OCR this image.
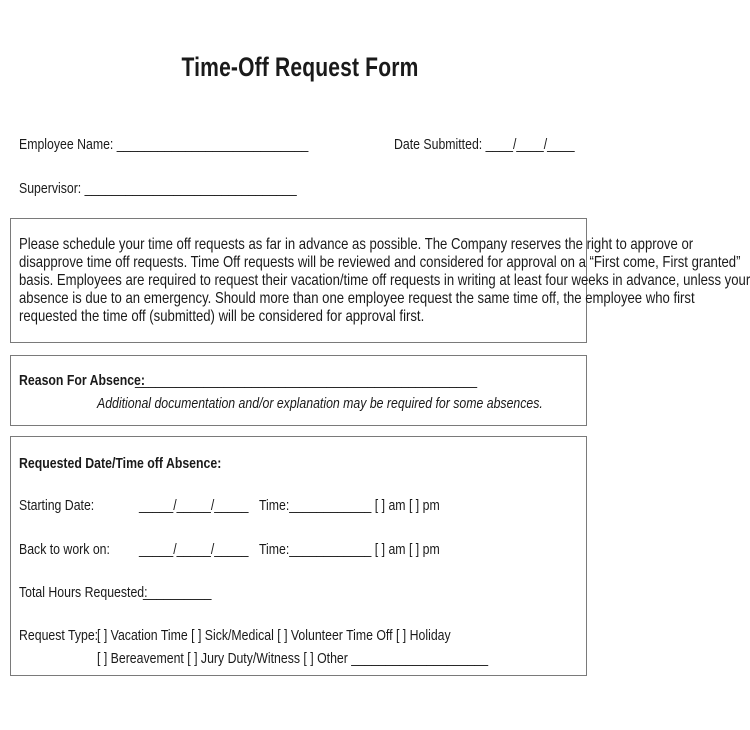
Time-Off Request Form
Employee Name: ____________________________	Date Submitted: ____/____/____
Supervisor: _______________________________
Please schedule your time off requests as far in advance as possible. The Company reserves the right to approve or
disapprove time off requests. Time Off requests will be reviewed and considered for approval on a “First come, First granted”
basis. Employees are required to request their vacation/time off requests in writing at least four weeks in advance, unless your
absence is due to an emergency. Should more than one employee request the same time off, the employee who first
requested the time off (submitted) will be considered for approval first.
Reason For Absence:
__________________________________________________
Additional documentation and/or explanation may be required for some absences.
Requested Date/Time off Absence:
Starting Date:	_____/_____/_____ Time:____________ [ ] am [ ] pm
Back to work on: _____/_____/_____ Time:____________ [ ] am [ ] pm
Total Hours Requested:
__________
Request Type:
[ ] Vacation Time [ ] Sick/Medical [ ] Volunteer Time Off [ ] Holiday
[ ] Bereavement [ ] Jury Duty/Witness [ ] Other ____________________
